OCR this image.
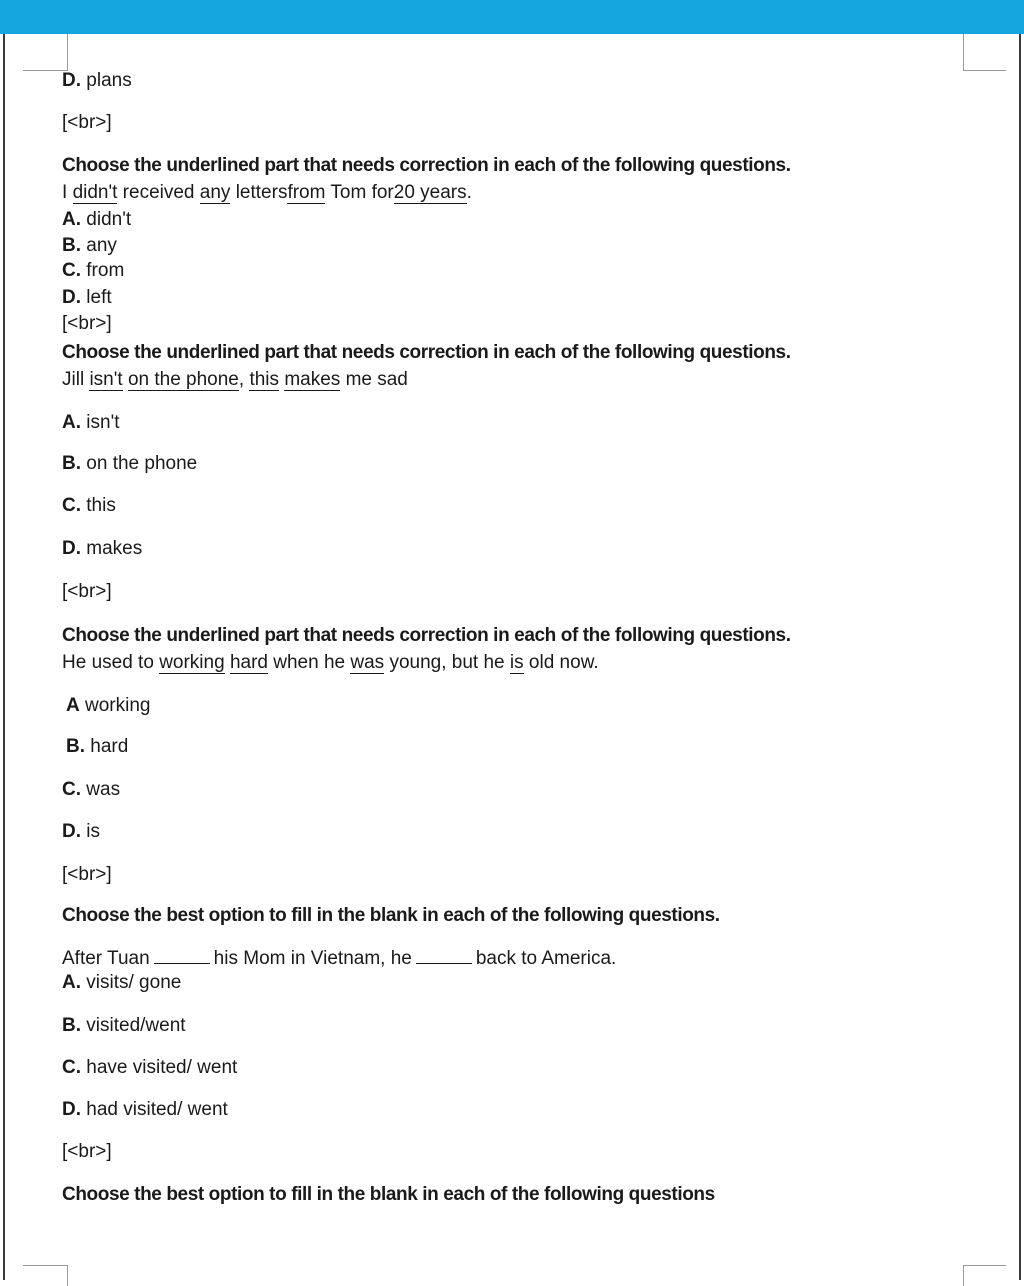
D. plans
[<br>]
Choose the underlined part that needs correction in each of the following questions.
I didn't received any lettersfrom Tom for20 years.
A. didn't
B. any
C. from
D. left
[<br>]
Choose the underlined part that needs correction in each of the following questions.
Jill isn't on the phone, this makes me sad
A. isn't
B. on the phone
C. this
D. makes
[<br>]
Choose the underlined part that needs correction in each of the following questions.
He used to working hard when he was young, but he is old now.
A working
B. hard
C. was
D. is
[<br>]
Choose the best option to fill in the blank in each of the following questions.
After Tuan	his Mom in Vietnam, he	back to America.
A. visits/ gone
B. visited/went
C. have visited/ went
D. had visited/ went
[<br>]
Choose the best option to fill in the blank in each of the following questions
